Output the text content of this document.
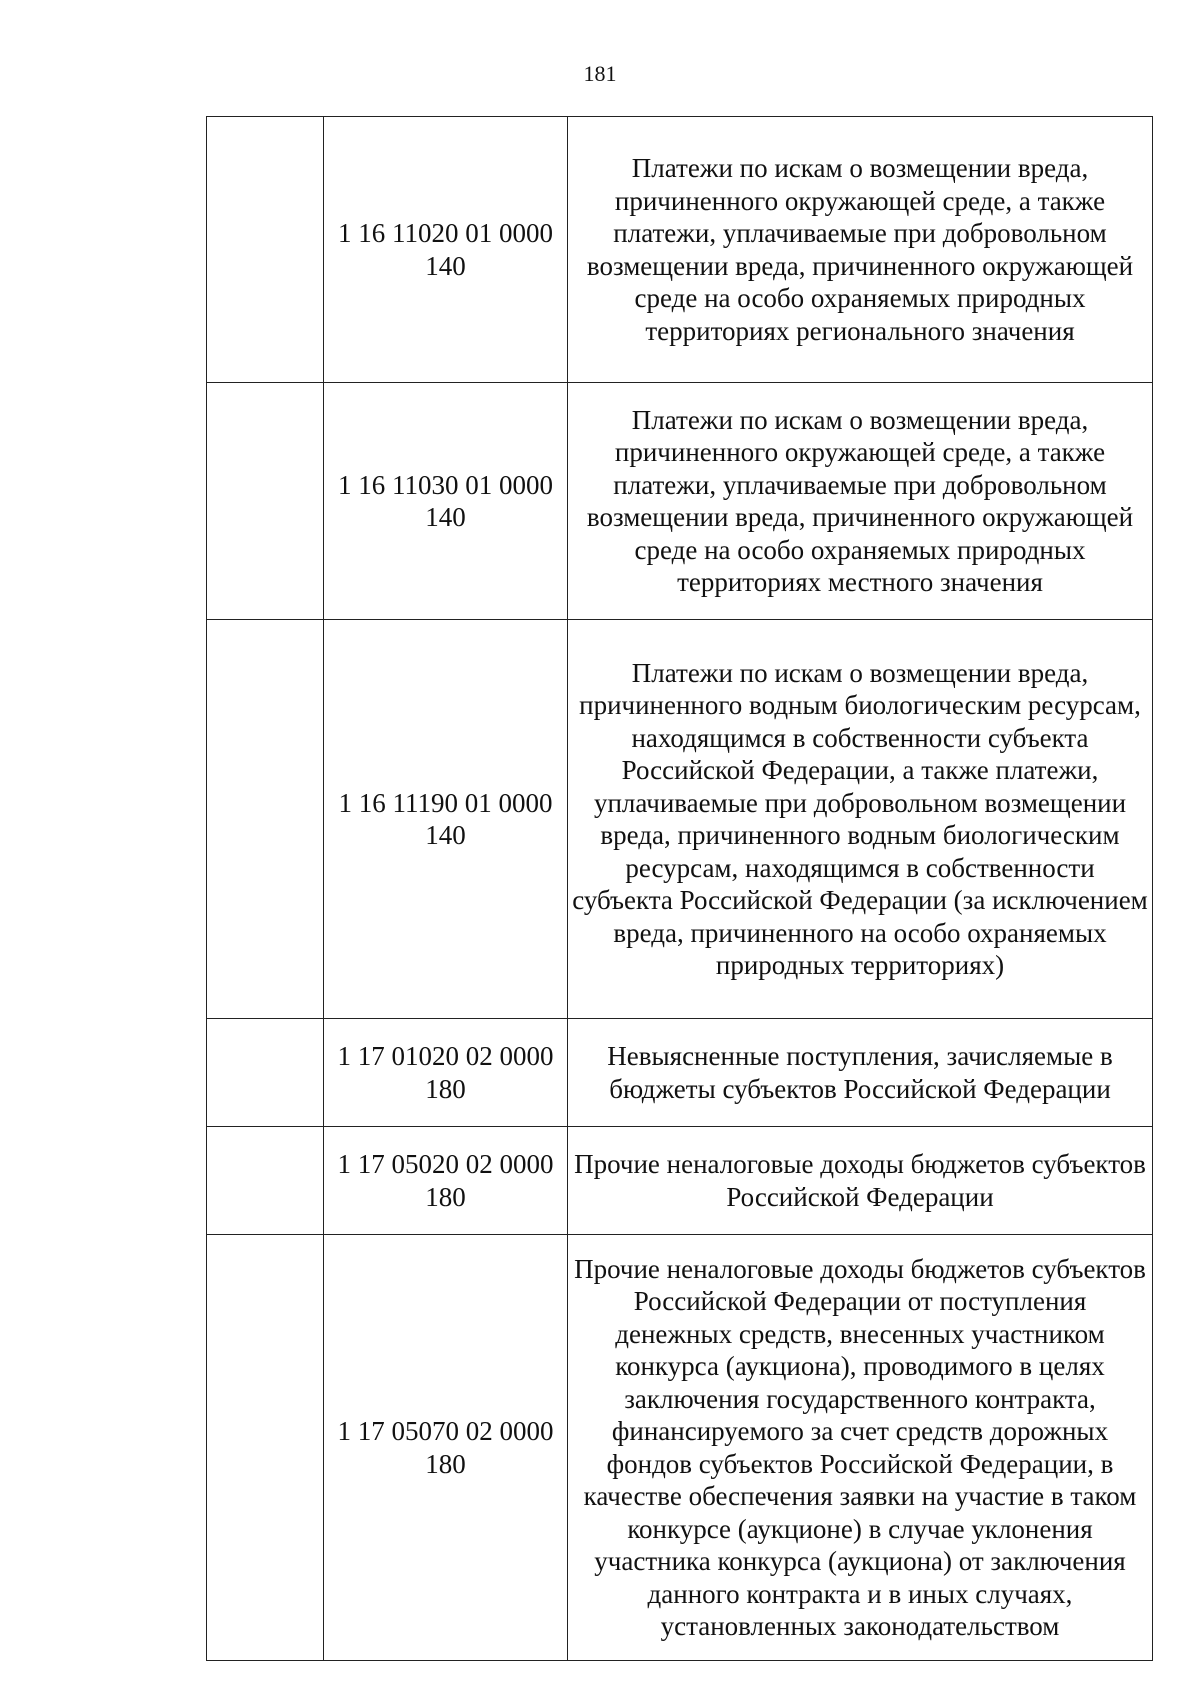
181
	1 16 11020 01 0000 140	Платежи по искам о возмещении вреда, причиненного окружающей среде, а также платежи, уплачиваемые при добровольном возмещении вреда, причиненного окружающей среде на особо охраняемых природных территориях регионального значения
	1 16 11030 01 0000 140	Платежи по искам о возмещении вреда, причиненного окружающей среде, а также платежи, уплачиваемые при добровольном возмещении вреда, причиненного окружающей среде на особо охраняемых природных территориях местного значения
	1 16 11190 01 0000 140	Платежи по искам о возмещении вреда, причиненного водным биологическим ресурсам, находящимся в собственности субъекта Российской Федерации, а также платежи, уплачиваемые при добровольном возмещении вреда, причиненного водным биологическим ресурсам, находящимся в собственности субъекта Российской Федерации (за исключением вреда, причиненного на особо охраняемых природных территориях)
	1 17 01020 02 0000 180	Невыясненные поступления, зачисляемые в бюджеты субъектов Российской Федерации
	1 17 05020 02 0000 180	Прочие неналоговые доходы бюджетов субъектов Российской Федерации
	1 17 05070 02 0000 180	Прочие неналоговые доходы бюджетов субъектов Российской Федерации от поступления денежных средств, внесенных участником конкурса (аукциона), проводимого в целях заключения государственного контракта, финансируемого за счет средств дорожных фондов субъектов Российской Федерации, в качестве обеспечения заявки на участие в таком конкурсе (аукционе) в случае уклонения участника конкурса (аукциона) от заключения данного контракта и в иных случаях, установленных законодательством
